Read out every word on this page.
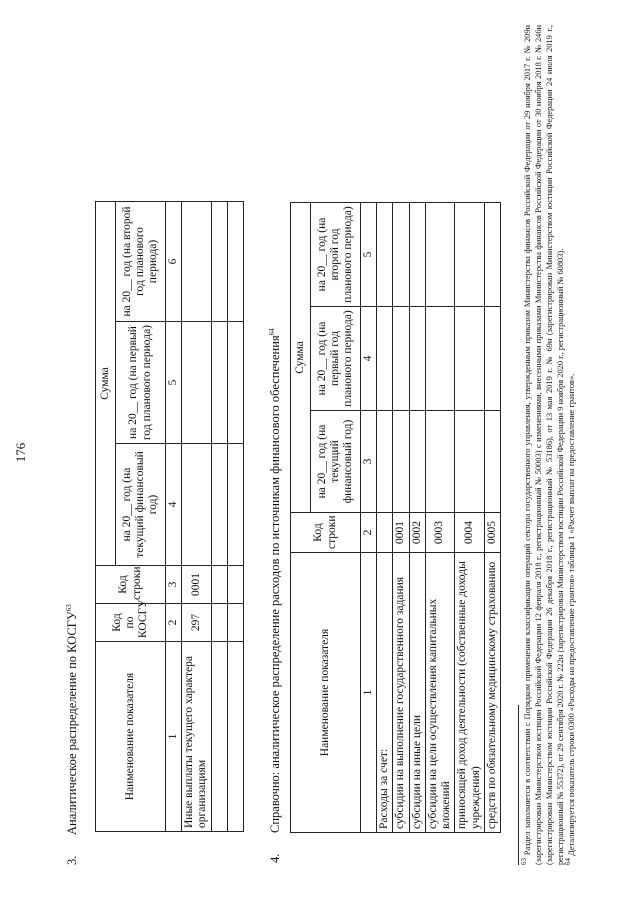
176
3.Аналитическое распределение по КОСГУ$^{63}$
Наименование показателя	Код по КОСГУ	Код строки	Сумма		
			на 20__ год (на текущий финансовый год)	на 20__ год (на первый год планового периода)	на 20__ год (на второй год планового периода)
1	2	3	4	5	6
Иные выплаты текущего характера организациям	297	0001			

4.Справочно: аналитическое распределение расходов по источникам финансового обеспечения$^{64}$
Наименование показателя	Код строки	Сумма		
		на 20__ год (на текущий финансовый год)	на 20__ год (на первый год планового периода)	на 20__ год (на второй год планового периода)
1	2	3	4	5
Расходы за счет:				
субсидии на выполнение государственного задания	0001			
субсидии на иные цели	0002			
субсидии на цели осуществления капитальных вложений	0003			
приносящей доход деятельности (собственные доходы учреждения)	0004			
средств по обязательному медицинскому страхованию	0005			
$^{63}$ Раздел заполняется в соответствии с Порядком применения классификации операций сектора государственного управления, утвержденным приказом Министерства финансов Российской Федерации от 29 ноября 2017 г. № 209н (зарегистрирован Министерством юстиции Российской Федерации 12 февраля 2018 г., регистрационный № 50003) с изменениями, внесенными приказами Министерства финансов Российской Федерации от 30 ноября 2018 г. № 246н (зарегистрирован Министерством юстиции Российской Федерации 26 декабря 2018 г., регистрационный № 53186), от 13 мая 2019 г. № 69н (зарегистрирован Министерством юстиции Российской Федерации 24 июля 2019 г., регистрационный № 55372), от 29 сентября 2020 г. № 222н (зарегистрирован Министерством юстиции Российской Федерации 9 ноября 2020 г., регистрационный № 60803). $^{64}$ Детализируется показатель строки 0300 «Расходы на предоставление грантов» таблицы 1 «Расчет выплат на предоставление грантов».
